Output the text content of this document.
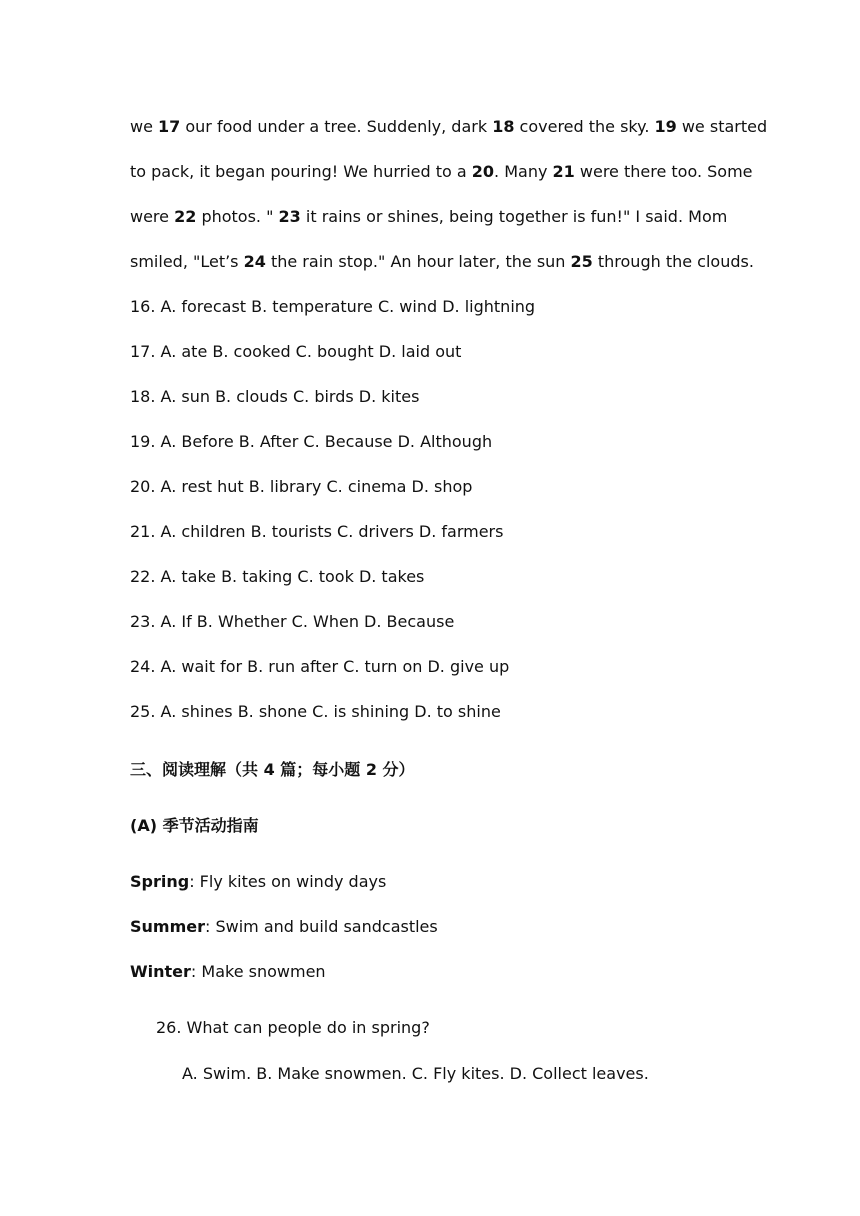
we 17 our food under a tree. Suddenly, dark 18 covered the sky. 19 we started
to pack, it began pouring! We hurried to a 20. Many 21 were there too. Some
were 22 photos. " 23 it rains or shines, being together is fun!" I said. Mom
smiled, "Let’s 24 the rain stop." An hour later, the sun 25 through the clouds.
16. A. forecast B. temperature C. wind D. lightning
17. A. ate B. cooked C. bought D. laid out
18. A. sun B. clouds C. birds D. kites
19. A. Before B. After C. Because D. Although
20. A. rest hut B. library C. cinema D. shop
21. A. children B. tourists C. drivers D. farmers
22. A. take B. taking C. took D. takes
23. A. If B. Whether C. When D. Because
24. A. wait for B. run after C. turn on D. give up
25. A. shines B. shone C. is shining D. to shine
三、阅读理解（共 4 篇；每小题 2 分）
(A) 季节活动指南
Spring: Fly kites on windy days
Summer: Swim and build sandcastles
Winter: Make snowmen
26. What can people do in spring?
A. Swim. B. Make snowmen. C. Fly kites. D. Collect leaves.
